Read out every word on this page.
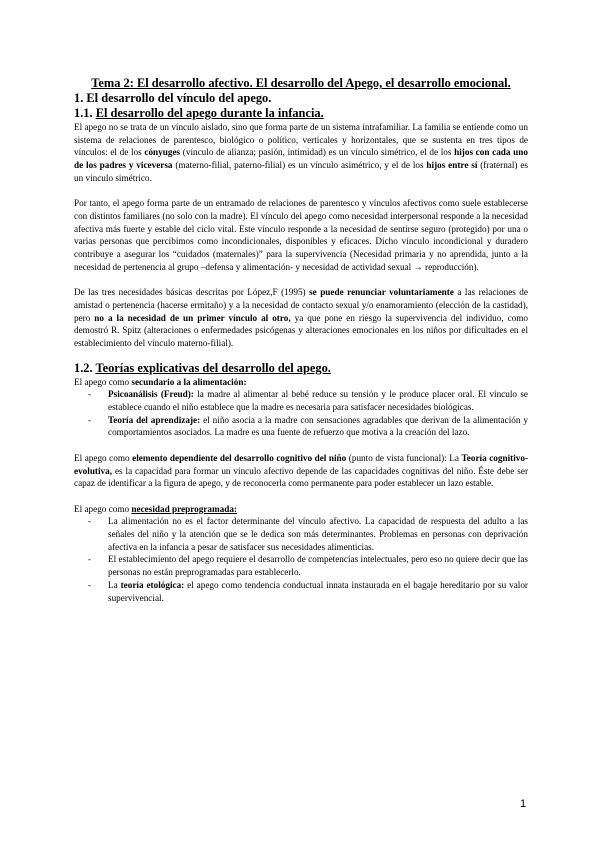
Tema 2: El desarrollo afectivo. El desarrollo del Apego, el desarrollo emocional.
1. El desarrollo del vínculo del apego.
1.1. El desarrollo del apego durante la infancia.

El apego no se trata de un vínculo aislado, sino que forma parte de un sistema intrafamiliar. La familia se entiende como un sistema de relaciones de parentesco, biológico o político, verticales y horizontales, que se sustenta en tres tipos de vínculos: el de los cónyuges (vínculo de alianza; pasión, intimidad) es un vínculo simétrico, el de los hijos con cada uno de los padres y viceversa (materno-filial, paterno-filial) es un vínculo asimétrico, y el de los hijos entre sí (fraternal) es un vínculo simétrico.

Por tanto, el apego forma parte de un entramado de relaciones de parentesco y vínculos afectivos como suele establecerse con distintos familiares (no solo con la madre). El vínculo del apego como necesidad interpersonal responde a la necesidad afectiva más fuerte y estable del ciclo vital. Este vínculo responde a la necesidad de sentirse seguro (protegido) por una o varias personas que percibimos como incondicionales, disponibles y eficaces. Dicho vínculo incondicional y duradero contribuye a asegurar los “cuidados (maternales)” para la supervivencia (Necesidad primaria y no aprendida, junto a la necesidad de pertenencia al grupo –defensa y alimentación- y necesidad de actividad sexual → reproducción).

De las tres necesidades básicas descritas por López,F (1995) se puede renunciar voluntariamente a las relaciones de amistad o pertenencia (hacerse ermitaño) y a la necesidad de contacto sexual y/o enamoramiento (elección de la castidad), pero no a la necesidad de un primer vínculo al otro, ya que pone en riesgo la supervivencia del individuo, como demostró R. Spitz (alteraciones o enfermedades psicógenas y alteraciones emocionales en los niños por dificultades en el establecimiento del vínculo materno-filial).

1.2. Teorías explicativas del desarrollo del apego.

El apego como secundario a la alimentación:

- Psicoanálisis (Freud): la madre al alimentar al bebé reduce su tensión y le produce placer oral. El vínculo se establece cuando el niño establece que la madre es necesaria para satisfacer necesidades biológicas.
- Teoría del aprendizaje: el niño asocia a la madre con sensaciones agradables que derivan de la alimentación y comportamientos asociados. La madre es una fuente de refuerzo que motiva a la creación del lazo.

El apego como elemento dependiente del desarrollo cognitivo del niño (punto de vista funcional): La Teoría cognitivo-evolutiva, es la capacidad para formar un vínculo afectivo depende de las capacidades cognitivas del niño. Éste debe ser capaz de identificar a la figura de apego, y de reconocerla como permanente para poder establecer un lazo estable.

El apego como necesidad preprogramada:

- La alimentación no es el factor determinante del vínculo afectivo. La capacidad de respuesta del adulto a las señales del niño y la atención que se le dedica son más determinantes. Problemas en personas con deprivación afectiva en la infancia a pesar de satisfacer sus necesidades alimenticias.
- El establecimiento del apego requiere el desarrollo de competencias intelectuales, pero eso no quiere decir que las personas no están preprogramadas para establecerlo.
- La teoría etológica: el apego como tendencia conductual innata instaurada en el bagaje hereditario por su valor supervivencial.
1
